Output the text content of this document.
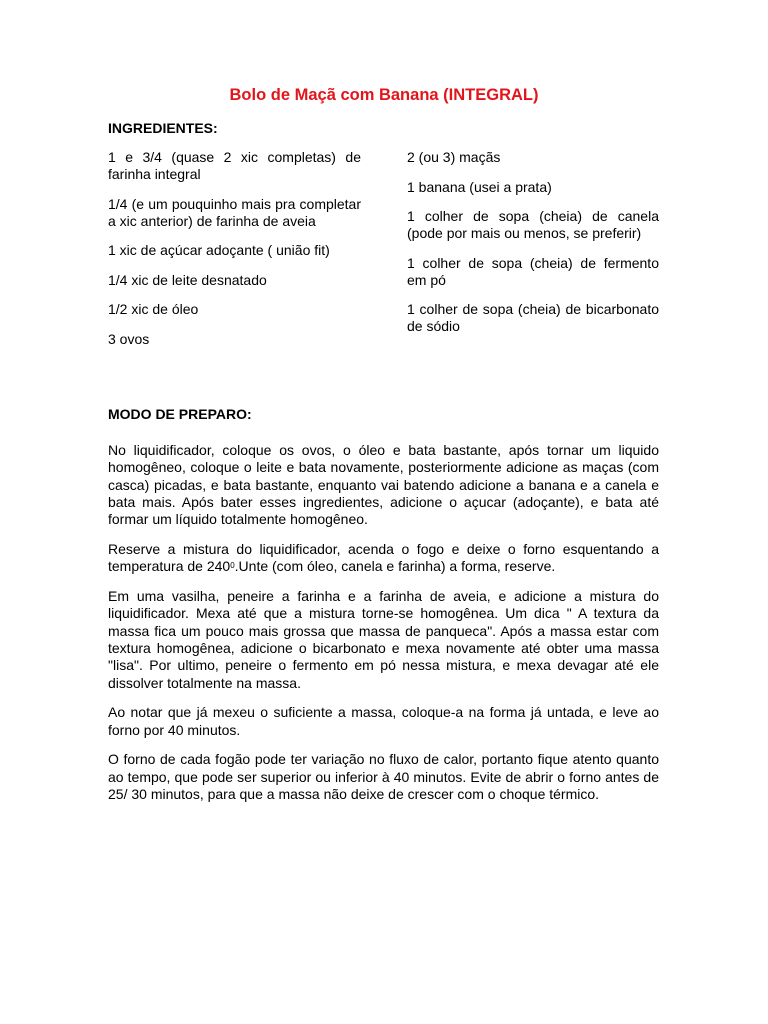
Bolo de Maçã com Banana (INTEGRAL)
INGREDIENTES:

1 e 3/4 (quase 2 xic completas) de farinha integral

1/4 (e um pouquinho mais pra completar a xic anterior) de farinha de aveia

1 xic de açúcar adoçante ( união fit)

1/4 xic de leite desnatado

1/2 xic de óleo

3 ovos

2 (ou 3) maçãs

1 banana (usei a prata)

1 colher de sopa (cheia) de canela (pode por mais ou menos, se preferir)

1 colher de sopa (cheia) de fermento em pó

1 colher de sopa (cheia) de bicarbonato de sódio

MODO DE PREPARO:

No liquidificador, coloque os ovos, o óleo e bata bastante, após tornar um liquido homogêneo, coloque o leite e bata novamente, posteriormente adicione as maças (com casca) picadas, e bata bastante, enquanto vai batendo adicione a banana e a canela e bata mais. Após bater esses ingredientes, adicione o açucar (adoçante), e bata até formar um líquido totalmente homogêneo.

Reserve a mistura do liquidificador, acenda o fogo e deixe o forno esquentando a temperatura de $240^0.Unte$ (com óleo, canela e farinha) a forma, reserve.

Em uma vasilha, peneire a farinha e a farinha de aveia, e adicione a mistura do liquidificador. Mexa até que a mistura torne-se homogênea. Um dica " A textura da massa fica um pouco mais grossa que massa de panqueca". Após a massa estar com textura homogênea, adicione o bicarbonato e mexa novamente até obter uma massa "lisa". Por ultimo, peneire o fermento em pó nessa mistura, e mexa devagar até ele dissolver totalmente na massa.

Ao notar que já mexeu o suficiente a massa, coloque-a na forma já untada, e leve ao forno por 40 minutos.

O forno de cada fogão pode ter variação no fluxo de calor, portanto fique atento quanto ao tempo, que pode ser superior ou inferior à 40 minutos. Evite de abrir o forno antes de 25/ 30 minutos, para que a massa não deixe de crescer com o choque térmico.
